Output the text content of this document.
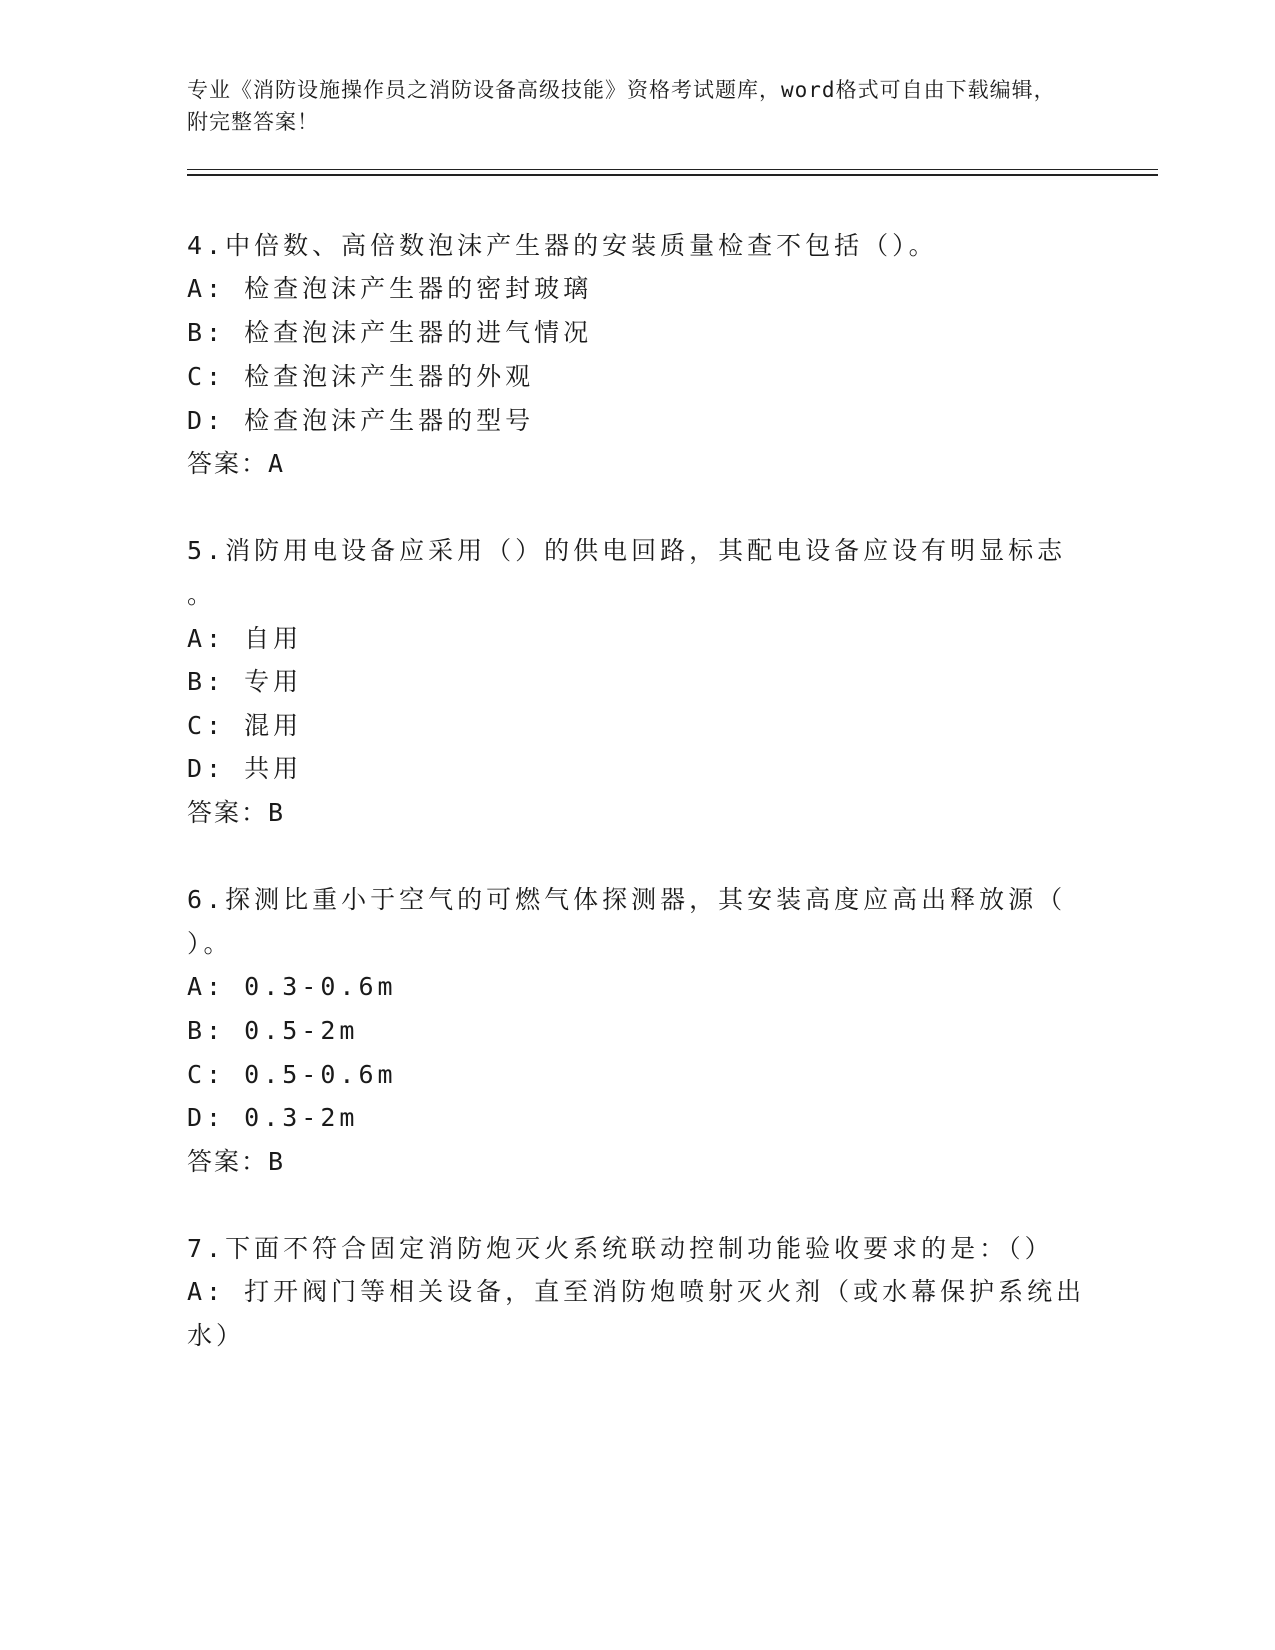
专业《消防设施操作员之消防设备高级技能》资格考试题库，word格式可自由下载编辑，附完整答案！
4.中倍数、高倍数泡沫产生器的安装质量检查不包括（）。
A: 检查泡沫产生器的密封玻璃
B: 检查泡沫产生器的进气情况
C: 检查泡沫产生器的外观
D: 检查泡沫产生器的型号
答案：A
5.消防用电设备应采用（）的供电回路，其配电设备应设有明显标志
。
A: 自用
B: 专用
C: 混用
D: 共用
答案：B
6.探测比重小于空气的可燃气体探测器，其安装高度应高出释放源（
）。
A: 0.3-0.6m
B: 0.5-2m
C: 0.5-0.6m
D: 0.3-2m
答案：B
7.下面不符合固定消防炮灭火系统联动控制功能验收要求的是：（）
A: 打开阀门等相关设备，直至消防炮喷射灭火剂（或水幕保护系统出
水）
